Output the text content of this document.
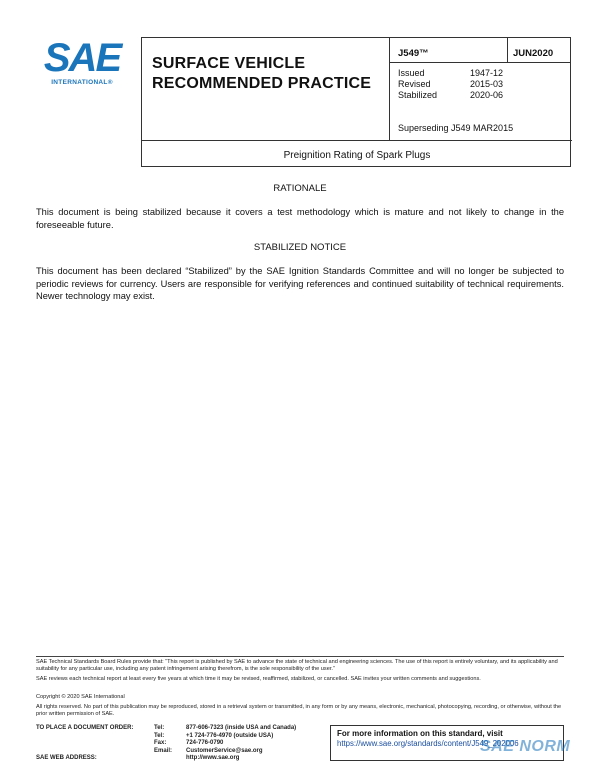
SAE
INTERNATIONAL®
SURFACE VEHICLE
RECOMMENDED PRACTICE
J549™	JUN2020
Issued	1947-12
Revised	2015-03
Stabilized	2020-06
Superseding J549 MAR2015
Preignition Rating of Spark Plugs
RATIONALE
This document is being stabilized because it covers a test methodology which is mature and not likely to change in the foreseeable future.
STABILIZED NOTICE
This document has been declared “Stabilized” by the SAE Ignition Standards Committee and will no longer be subjected to periodic reviews for currency. Users are responsible for verifying references and continued suitability of technical requirements. Newer technology may exist.
SAE Technical Standards Board Rules provide that: “This report is published by SAE to advance the state of technical and engineering sciences. The use of this report is entirely voluntary, and its applicability and suitability for any particular use, including any patent infringement arising therefrom, is the sole responsibility of the user.”
SAE reviews each technical report at least every five years at which time it may be revised, reaffirmed, stabilized, or cancelled. SAE invites your written comments and suggestions.
Copyright © 2020 SAE International
All rights reserved. No part of this publication may be reproduced, stored in a retrieval system or transmitted, in any form or by any means, electronic, mechanical, photocopying, recording, or otherwise, without the prior written permission of SAE.
TO PLACE A DOCUMENT ORDER:	Tel:	877-606-7323 (inside USA and Canada)
Tel:	+1 724-776-4970 (outside USA)
Fax:	724-776-0790
Email:	CustomerService@sae.org
SAE WEB ADDRESS:	http://www.sae.org
For more information on this standard, visit
https://www.sae.org/standards/content/J549_202006
SAE NORM
